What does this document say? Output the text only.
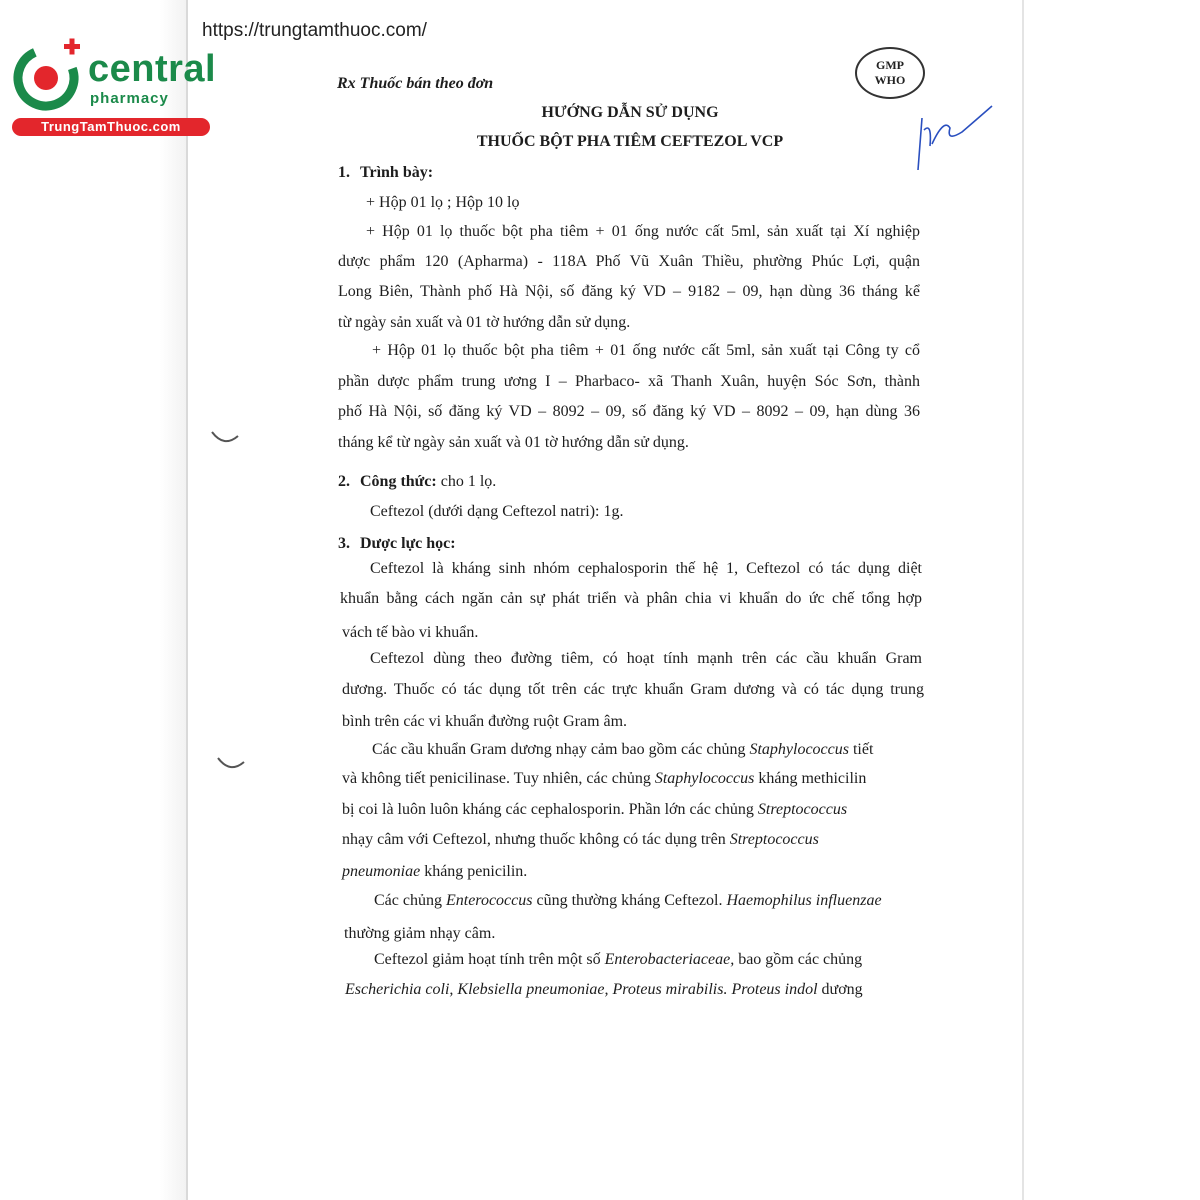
https://trungtamthuoc.com/
central
pharmacy
TrungTamThuoc.com
GMP
WHO
Rx Thuốc bán theo đơn
HƯỚNG DẪN SỬ DỤNG
THUỐC BỘT PHA TIÊM CEFTEZOL VCP
1. Trình bày:
+ Hộp 01 lọ ; Hộp 10 lọ
+ Hộp 01 lọ thuốc bột pha tiêm + 01 ống nước cất 5ml, sản xuất tại Xí nghiệp
dược phẩm 120 (Apharma) - 118A Phố Vũ Xuân Thiều, phường Phúc Lợi, quận
Long Biên, Thành phố Hà Nội, số đăng ký VD – 9182 – 09, hạn dùng 36 tháng kể
từ ngày sản xuất và 01 tờ hướng dẫn sử dụng.
+ Hộp 01 lọ thuốc bột pha tiêm + 01 ống nước cất 5ml, sản xuất tại Công ty cổ
phần dược phẩm trung ương I – Pharbaco- xã Thanh Xuân, huyện Sóc Sơn, thành
phố Hà Nội, số đăng ký VD – 8092 – 09, số đăng ký VD – 8092 – 09, hạn dùng 36
tháng kể từ ngày sản xuất và 01 tờ hướng dẫn sử dụng.
2. Công thức: cho 1 lọ.
Ceftezol (dưới dạng Ceftezol natri): 1g.
3. Dược lực học:
Ceftezol là kháng sinh nhóm cephalosporin thế hệ 1, Ceftezol có tác dụng diệt
khuẩn bằng cách ngăn cản sự phát triển và phân chia vi khuẩn do ức chế tổng hợp
vách tế bào vi khuẩn.
Ceftezol dùng theo đường tiêm, có hoạt tính mạnh trên các cầu khuẩn Gram
dương. Thuốc có tác dụng tốt trên các trực khuẩn Gram dương và có tác dụng trung
bình trên các vi khuẩn đường ruột Gram âm.
Các cầu khuẩn Gram dương nhạy cảm bao gồm các chủng Staphylococcus tiết
và không tiết penicilinase. Tuy nhiên, các chủng Staphylococcus kháng methicilin
bị coi là luôn luôn kháng các cephalosporin. Phần lớn các chủng Streptococcus
nhạy câm với Ceftezol, nhưng thuốc không có tác dụng trên Streptococcus
pneumoniae kháng penicilin.
Các chủng Enterococcus cũng thường kháng Ceftezol. Haemophilus influenzae
thường giảm nhạy câm.
Ceftezol giảm hoạt tính trên một số Enterobacteriaceae, bao gồm các chủng
Escherichia coli, Klebsiella pneumoniae, Proteus mirabilis. Proteus indol dương
